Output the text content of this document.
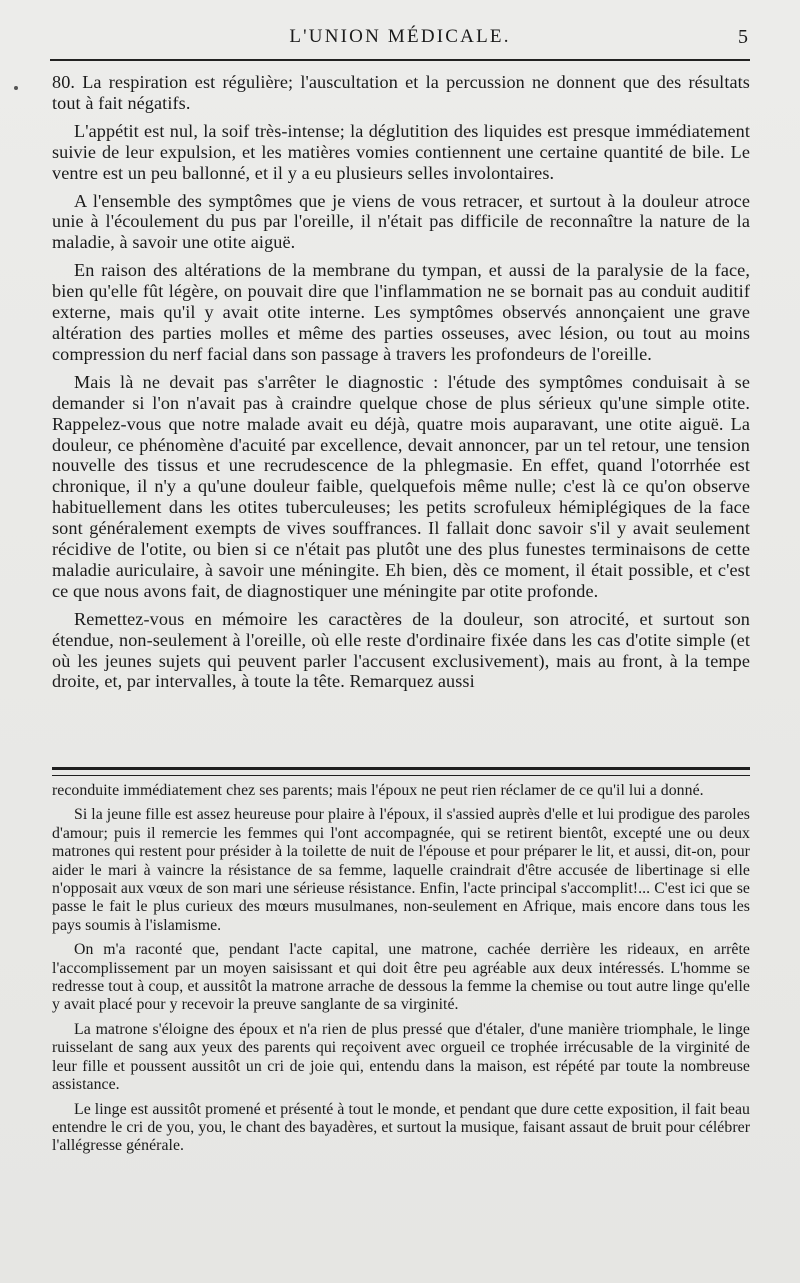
L'UNION MÉDICALE.	5

80. La respiration est régulière; l'auscultation et la percussion ne donnent que des résultats tout à fait négatifs.

L'appétit est nul, la soif très-intense; la déglutition des liquides est presque immédiatement suivie de leur expulsion, et les matières vomies contiennent une certaine quantité de bile. Le ventre est un peu ballonné, et il y a eu plusieurs selles involontaires.

A l'ensemble des symptômes que je viens de vous retracer, et surtout à la douleur atroce unie à l'écoulement du pus par l'oreille, il n'était pas difficile de reconnaître la nature de la maladie, à savoir une otite aiguë.

En raison des altérations de la membrane du tympan, et aussi de la paralysie de la face, bien qu'elle fût légère, on pouvait dire que l'inflammation ne se bornait pas au conduit auditif externe, mais qu'il y avait otite interne. Les symptômes observés annonçaient une grave altération des parties molles et même des parties osseuses, avec lésion, ou tout au moins compression du nerf facial dans son passage à travers les profondeurs de l'oreille.

Mais là ne devait pas s'arrêter le diagnostic : l'étude des symptômes conduisait à se demander si l'on n'avait pas à craindre quelque chose de plus sérieux qu'une simple otite. Rappelez-vous que notre malade avait eu déjà, quatre mois auparavant, une otite aiguë. La douleur, ce phénomène d'acuité par excellence, devait annoncer, par un tel retour, une tension nouvelle des tissus et une recrudescence de la phlegmasie. En effet, quand l'otorrhée est chronique, il n'y a qu'une douleur faible, quelquefois même nulle; c'est là ce qu'on observe habituellement dans les otites tuberculeuses; les petits scrofuleux hémiplégiques de la face sont généralement exempts de vives souffrances. Il fallait donc savoir s'il y avait seulement récidive de l'otite, ou bien si ce n'était pas plutôt une des plus funestes terminaisons de cette maladie auriculaire, à savoir une méningite. Eh bien, dès ce moment, il était possible, et c'est ce que nous avons fait, de diagnostiquer une méningite par otite profonde.

Remettez-vous en mémoire les caractères de la douleur, son atrocité, et surtout son étendue, non-seulement à l'oreille, où elle reste d'ordinaire fixée dans les cas d'otite simple (et où les jeunes sujets qui peuvent parler l'accusent exclusivement), mais au front, à la tempe droite, et, par intervalles, à toute la tête. Remarquez aussi

reconduite immédiatement chez ses parents; mais l'époux ne peut rien réclamer de ce qu'il lui a donné.

Si la jeune fille est assez heureuse pour plaire à l'époux, il s'assied auprès d'elle et lui prodigue des paroles d'amour; puis il remercie les femmes qui l'ont accompagnée, qui se retirent bientôt, excepté une ou deux matrones qui restent pour présider à la toilette de nuit de l'épouse et pour préparer le lit, et aussi, dit-on, pour aider le mari à vaincre la résistance de sa femme, laquelle craindrait d'être accusée de libertinage si elle n'opposait aux vœux de son mari une sérieuse résistance. Enfin, l'acte principal s'accomplit!... C'est ici que se passe le fait le plus curieux des mœurs musulmanes, non-seulement en Afrique, mais encore dans tous les pays soumis à l'islamisme.

On m'a raconté que, pendant l'acte capital, une matrone, cachée derrière les rideaux, en arrête l'accomplissement par un moyen saisissant et qui doit être peu agréable aux deux intéressés. L'homme se redresse tout à coup, et aussitôt la matrone arrache de dessous la femme la chemise ou tout autre linge qu'elle y avait placé pour y recevoir la preuve sanglante de sa virginité.

La matrone s'éloigne des époux et n'a rien de plus pressé que d'étaler, d'une manière triomphale, le linge ruisselant de sang aux yeux des parents qui reçoivent avec orgueil ce trophée irrécusable de la virginité de leur fille et poussent aussitôt un cri de joie qui, entendu dans la maison, est répété par toute la nombreuse assistance.

Le linge est aussitôt promené et présenté à tout le monde, et pendant que dure cette exposition, il fait beau entendre le cri de you, you, le chant des bayadères, et surtout la musique, faisant assaut de bruit pour célébrer l'allégresse générale.
